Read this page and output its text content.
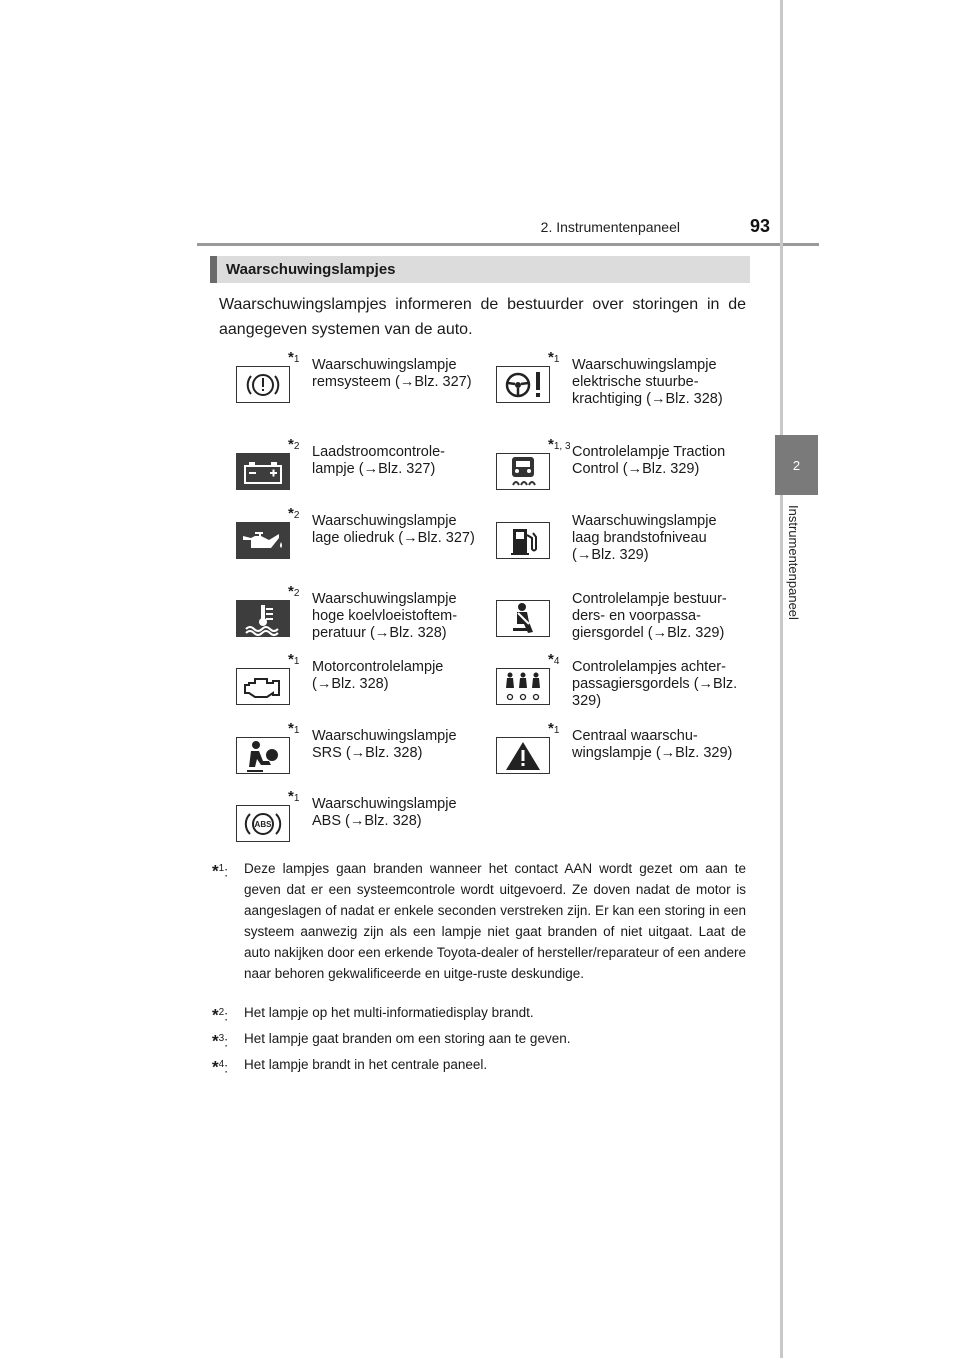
2. Instrumentenpaneel	93
2
Instrumentenpaneel
Waarschuwingslampjes
Waarschuwingslampjes informeren de bestuurder over storingen in de aangegeven systemen van de auto.
*1 Waarschuwingslampje remsysteem (→Blz. 327)
*1 Waarschuwingslampje elektrische stuurbe-krachtiging (→Blz. 328)
*2 Laadstroomcontrole-lampje (→Blz. 327)
*1, 3 Controlelampje Traction Control (→Blz. 329)
*2 Waarschuwingslampje lage oliedruk (→Blz. 327)
Waarschuwingslampje laag brandstofniveau (→Blz. 329)
*2 Waarschuwingslampje hoge koelvloeistoftem-peratuur (→Blz. 328)
Controlelampje bestuur-ders- en voorpassa-giersgordel (→Blz. 329)
*1 Motorcontrolelampje (→Blz. 328)
*4 Controlelampjes achter-passagiersgordels (→Blz. 329)
*1 Waarschuwingslampje SRS (→Blz. 328)
*1 Centraal waarschu-wingslampje (→Blz. 329)
*1
ABS
Waarschuwingslampje ABS (→Blz. 328)
*$^1$: Deze lampjes gaan branden wanneer het contact AAN wordt gezet om aan te geven dat er een systeemcontrole wordt uitgevoerd. Ze doven nadat de motor is aangeslagen of nadat er enkele seconden verstreken zijn. Er kan een storing in een systeem aanwezig zijn als een lampje niet gaat branden of niet uitgaat. Laat de auto nakijken door een erkende Toyota-dealer of hersteller/reparateur of een andere naar behoren gekwalificeerde en uitge-ruste deskundige.
*$^2$: Het lampje op het multi-informatiedisplay brandt.
*$^3$: Het lampje gaat branden om een storing aan te geven.
*$^4$: Het lampje brandt in het centrale paneel.
